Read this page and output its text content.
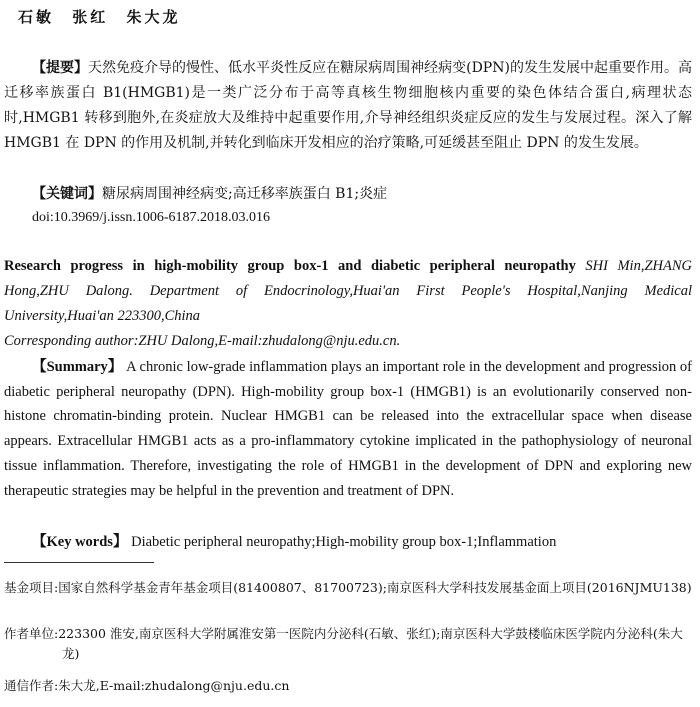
石敏 张红 朱大龙
【提要】天然免疫介导的慢性、低水平炎性反应在糖尿病周围神经病变(DPN)的发生发展中起重要作用。高迁移率族蛋白 B1(HMGB1)是一类广泛分布于高等真核生物细胞核内重要的染色体结合蛋白,病理状态时,HMGB1 转移到胞外,在炎症放大及维持中起重要作用,介导神经组织炎症反应的发生与发展过程。深入了解 HMGB1 在 DPN 的作用及机制,并转化到临床开发相应的治疗策略,可延缓甚至阻止 DPN 的发生发展。
【关键词】糖尿病周围神经病变;高迁移率族蛋白 B1;炎症
doi:10.3969/j.issn.1006-6187.2018.03.016
Research progress in high-mobility group box-1 and diabetic peripheral neuropathy SHI Min,ZHANG Hong,ZHU Dalong. Department of Endocrinology,Huai'an First People's Hospital,Nanjing Medical University,Huai'an 223300,China
Corresponding author:ZHU Dalong,E-mail:zhudalong@nju.edu.cn.
【Summary】 A chronic low-grade inflammation plays an important role in the development and progression of diabetic peripheral neuropathy (DPN). High-mobility group box-1 (HMGB1) is an evolutionarily conserved non-histone chromatin-binding protein. Nuclear HMGB1 can be released into the extracellular space when disease appears. Extracellular HMGB1 acts as a pro-inflammatory cytokine implicated in the pathophysiology of neuronal tissue inflammation. Therefore, investigating the role of HMGB1 in the development of DPN and exploring new therapeutic strategies may be helpful in the prevention and treatment of DPN.
【Key words】 Diabetic peripheral neuropathy;High-mobility group box-1;Inflammation
基金项目:国家自然科学基金青年基金项目(81400807、81700723);南京医科大学科技发展基金面上项目(2016NJMU138)
作者单位:223300 淮安,南京医科大学附属淮安第一医院内分泌科(石敏、张红);南京医科大学鼓楼临床医学院内分泌科(朱大龙)
通信作者:朱大龙,E-mail:zhudalong@nju.edu.cn
